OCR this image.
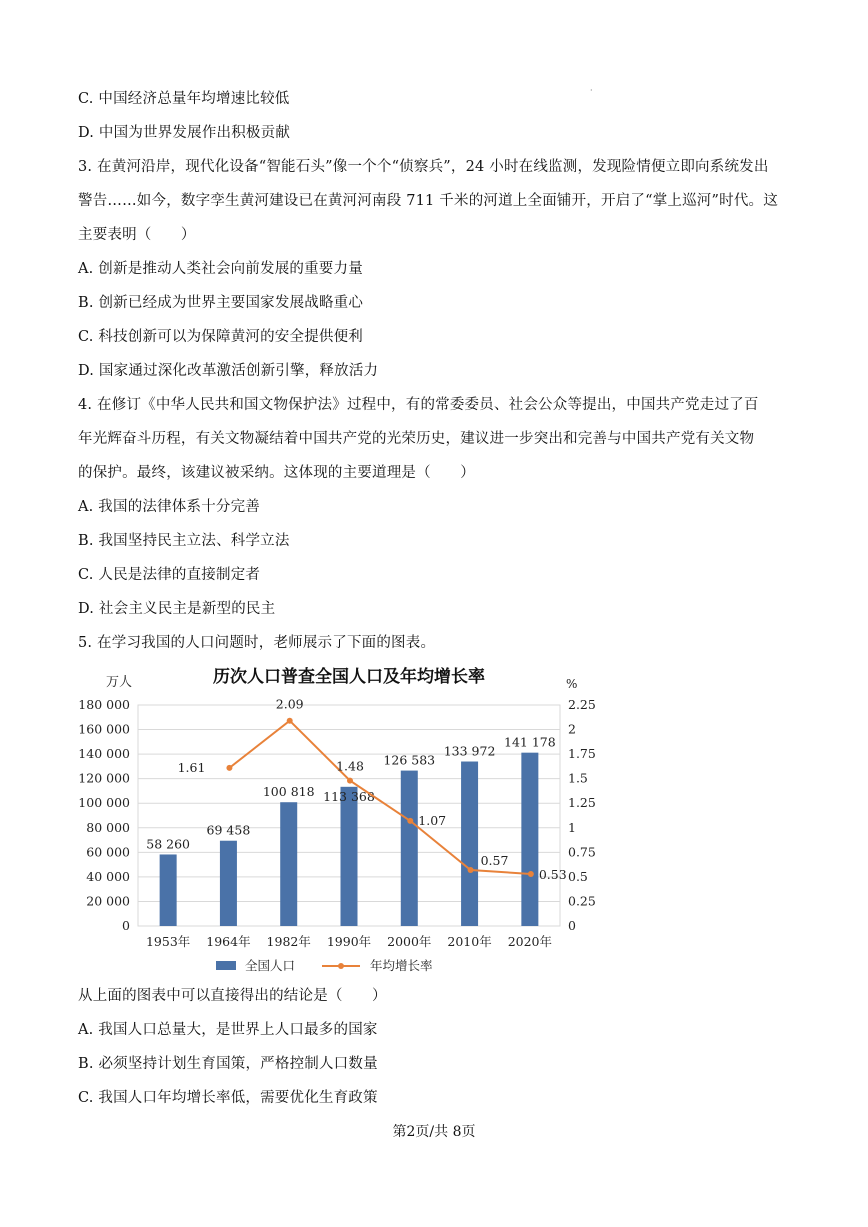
C. 中国经济总量年均增速比较低
D. 中国为世界发展作出积极贡献
3. 在黄河沿岸，现代化设备“智能石头”像一个个“侦察兵”，24 小时在线监测，发现险情便立即向系统发出
警告……如今，数字孪生黄河建设已在黄河河南段 711 千米的河道上全面铺开，开启了“掌上巡河”时代。这
主要表明（　　）
A. 创新是推动人类社会向前发展的重要力量
B. 创新已经成为世界主要国家发展战略重心
C. 科技创新可以为保障黄河的安全提供便利
D. 国家通过深化改革激活创新引擎，释放活力
4. 在修订《中华人民共和国文物保护法》过程中，有的常委委员、社会公众等提出，中国共产党走过了百
年光辉奋斗历程，有关文物凝结着中国共产党的光荣历史，建议进一步突出和完善与中国共产党有关文物
的保护。最终，该建议被采纳。这体现的主要道理是（　　）
A. 我国的法律体系十分完善
B. 我国坚持民主立法、科学立法
C. 人民是法律的直接制定者
D. 社会主义民主是新型的民主
5. 在学习我国的人口问题时，老师展示了下面的图表。
·
0
20 000
40 000
60 000
80 000
100 000
120 000
140 000
160 000
180 000
0
0.25
0.5
0.75
1
1.25
1.5
1.75
2
2.25
万人	%
历次人口普查全国人口及年均增长率
1953年 1964年 1982年 1990年 2000年 2010年 2020年
58 260
69 458
100 818 113 368
126 583
133 972
141 178
1.61
2.09
1.48
1.07
0.57
0.53
全国人口	年均增长率
从上面的图表中可以直接得出的结论是（　　）
A. 我国人口总量大，是世界上人口最多的国家
B. 必须坚持计划生育国策，严格控制人口数量
C. 我国人口年均增长率低，需要优化生育政策
第2页/共 8页
